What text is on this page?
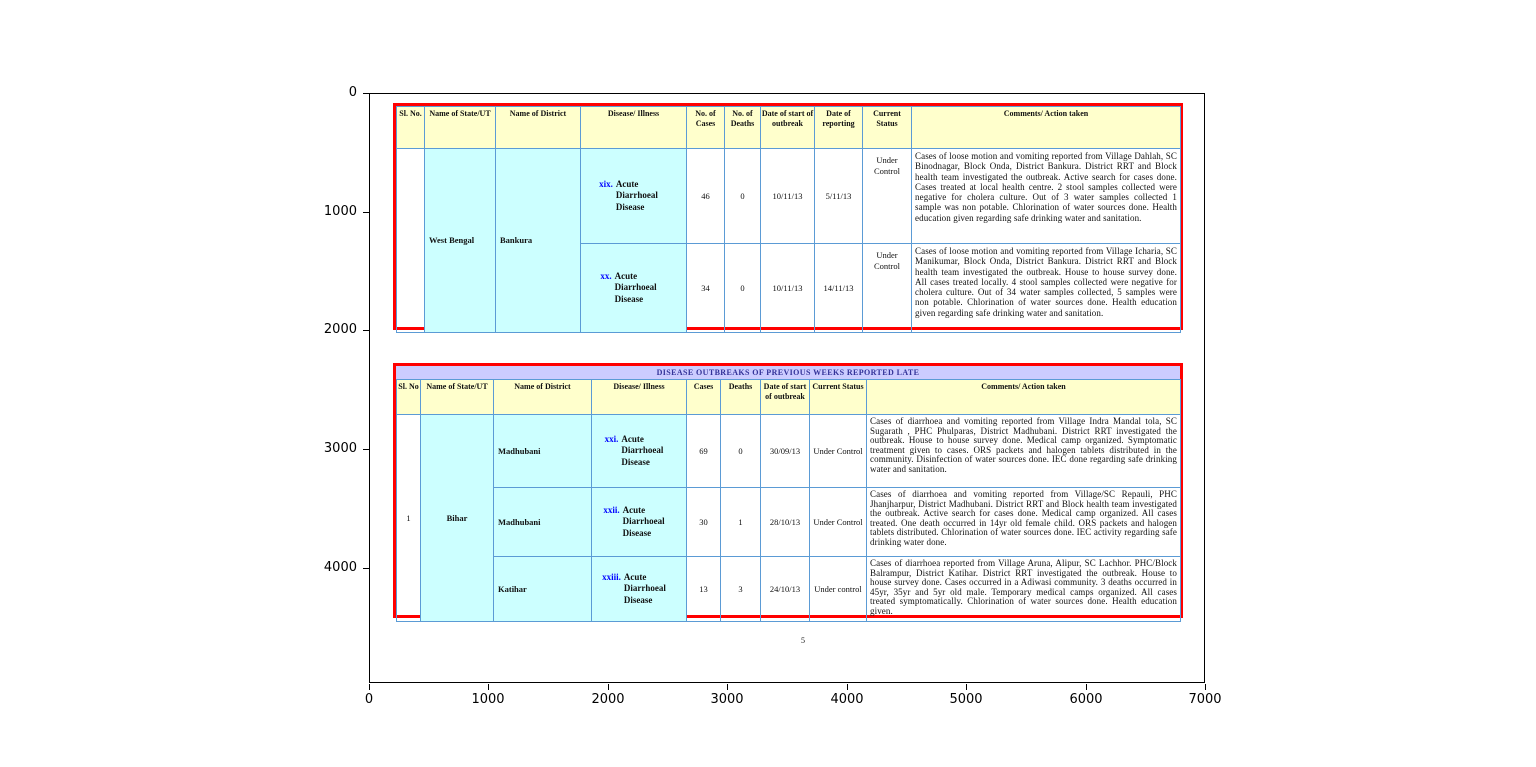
0
1000
2000
3000
4000
0	1000	2000	3000	4000	5000	6000	7000
Sl. No.	Name of State/UT	Name of District	Disease/ Illness	No. of Cases	No. of Deaths	Date of start of outbreak	Date of reporting	Current Status	Comments/ Action taken
	West Bengal	Bankura	xix. Acute Diarrhoeal Disease	46	0	10/11/13	5/11/13	Under Control	Cases of loose motion and vomiting reported from Village Dahlah, SC Binodnagar, Block Onda, District Bankura. District RRT and Block health team investigated the outbreak. Active search for cases done. Cases treated at local health centre. 2 stool samples collected were negative for cholera culture. Out of 3 water samples collected 1 sample was non potable. Chlorination of water sources done. Health education given regarding safe drinking water and sanitation.

			xx. Acute Diarrhoeal Disease	34	0	10/11/13	14/11/13	Under Control	Cases of loose motion and vomiting reported from Village Icharia, SC Manikumar, Block Onda, District Bankura. District RRT and Block health team investigated the outbreak. House to house survey done. All cases treated locally. 4 stool samples collected were negative for cholera culture. Out of 34 water samples collected, 5 samples were non potable. Chlorination of water sources done. Health education given regarding safe drinking water and sanitation.
DISEASE OUTBREAKS OF PREVIOUS WEEKS REPORTED LATE
Sl. No	Name of State/UT	Name of District	Disease/ Illness	Cases	Deaths	Date of start of outbreak	Current Status	Comments/ Action taken
1	Bihar	Madhubani	xxi. Acute Diarrhoeal Disease	69	0	30/09/13	Under Control	Cases of diarrhoea and vomiting reported from Village Indra Mandal tola, SC Sugarath , PHC Phulparas, District Madhubani. District RRT investigated the outbreak. House to house survey done. Medical camp organized. Symptomatic treatment given to cases. ORS packets and halogen tablets distributed in the community. Disinfection of water sources done. IEC done regarding safe drinking water and sanitation.
		Madhubani	xxii. Acute Diarrhoeal Disease	30	1	28/10/13	Under Control	Cases of diarrhoea and vomiting reported from Village/SC Repauli, PHC Jhanjharpur, District Madhubani. District RRT and Block health team investigated the outbreak. Active search for cases done. Medical camp organized. All cases treated. One death occurred in 14yr old female child. ORS packets and halogen tablets distributed. Chlorination of water sources done. IEC activity regarding safe drinking water done.
		Katihar	xxiii. Acute Diarrhoeal Disease	13	3	24/10/13	Under control	Cases of diarrhoea reported from Village Aruna, Alipur, SC Lachhor. PHC/Block Balrampur, District Katihar. District RRT investigated the outbreak. House to house survey done. Cases occurred in a Adiwasi community. 3 deaths occurred in 45yr, 35yr and 5yr old male. Temporary medical camps organized. All cases treated symptomatically. Chlorination of water sources done. Health education given.
5
